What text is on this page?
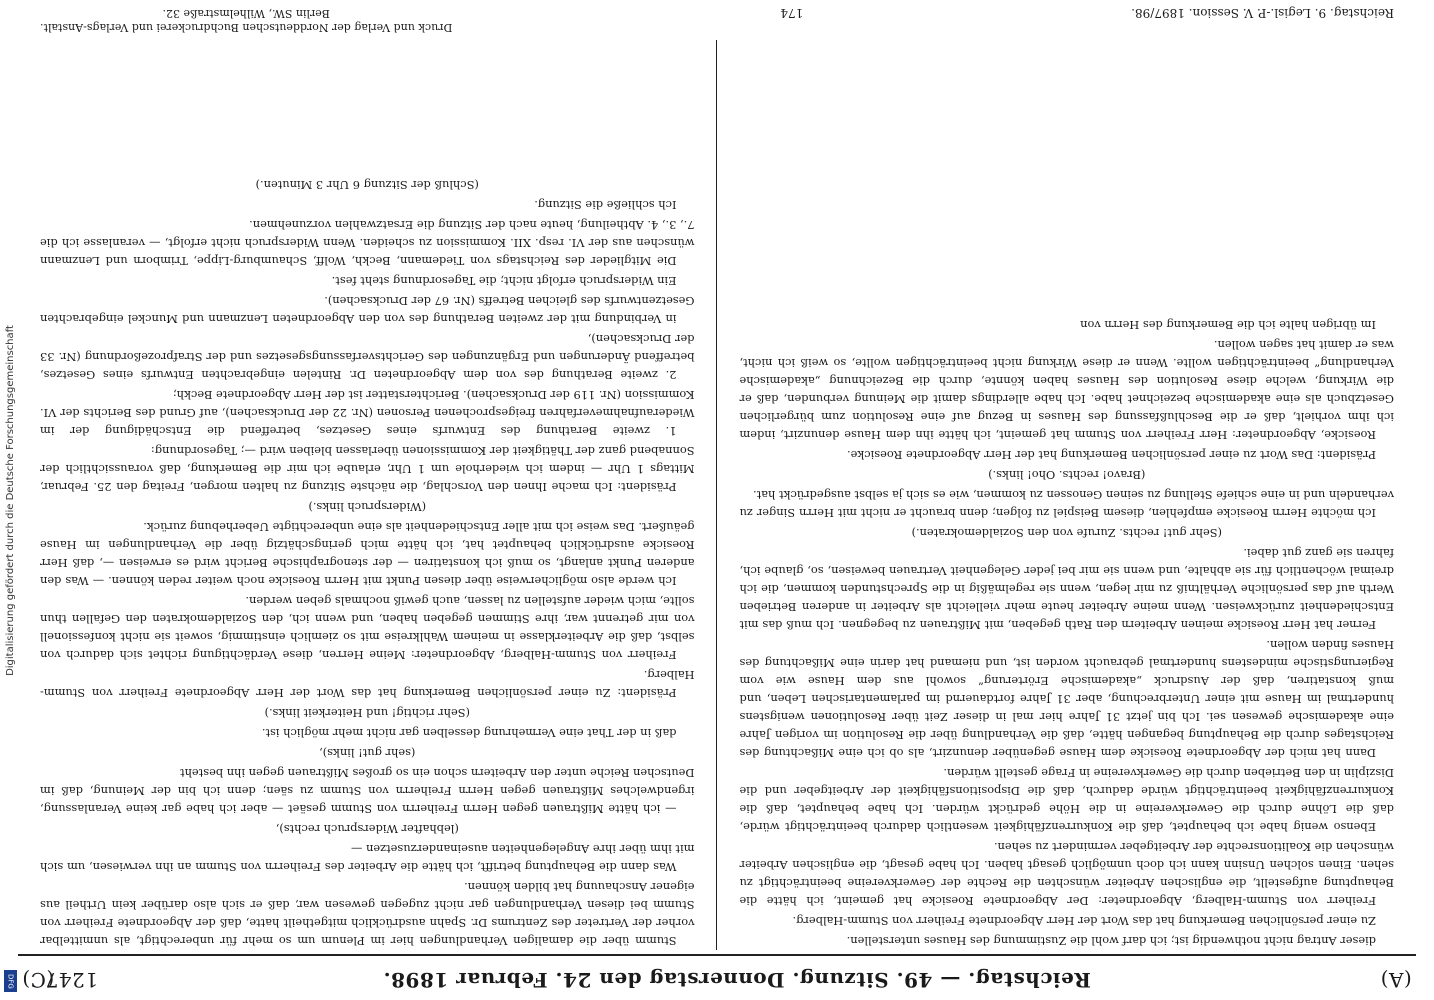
Digitalisierung gefördert durch die Deutsche Forschungsgemeinschaft
DFG	(A)
Reichstag. — 49. Sitzung. Donnerstag den 24. Februar 1898.
1247
(C)

dieser Antrag nicht nothwendig ist; ich darf wohl die Zustimmung des Hauses unterstellen.

Zu einer persönlichen Bemerkung hat das Wort der Herr Abgeordnete Freiherr von Stumm-Halberg.

Freiherr von Stumm-Halberg, Abgeordneter: Der Abgeordnete Roesicke hat gemeint, ich hätte die Behauptung aufgestellt, die englischen Arbeiter wünschten die Rechte der Gewerkvereine beeinträchtigt zu sehen. Einen solchen Unsinn kann ich doch unmöglich gesagt haben. Ich habe gesagt, die englischen Arbeiter wünschen die Koalitionsrechte der Arbeitgeber vermindert zu sehen.

Ebenso wenig habe ich behauptet, daß die Konkurrenzfähigkeit wesentlich dadurch beeinträchtigt würde, daß die Löhne durch die Gewerkvereine in die Höhe gedrückt würden. Ich habe behauptet, daß die Konkurrenzfähigkeit beeinträchtigt würde dadurch, daß die Dispositionsfähigkeit der Arbeitgeber und die Disziplin in den Betrieben durch die Gewerkvereine in Frage gestellt würden.

Dann hat mich der Abgeordnete Roesicke dem Hause gegenüber denunzirt, als ob ich eine Mißachtung des Reichstages durch die Behauptung begangen hätte, daß die Verhandlung über die Resolution im vorigen Jahre eine akademische gewesen sei. Ich bin jetzt 31 Jahre hier mal in dieser Zeit über Resolutionen wenigstens hundertmal im Hause mit einer Unterbrechung, aber 31 Jahre fortdauernd im parlamentarischen Leben, und muß konstatiren, daß der Ausdruck „akademische Erörterung“ sowohl aus dem Hause wie vom Regierungstische mindestens hundertmal gebraucht worden ist, und niemand hat darin eine Mißachtung des Hauses finden wollen.

Ferner hat Herr Roesicke meinen Arbeitern den Rath gegeben, mit Mißtrauen zu begegnen. Ich muß das mit Entschiedenheit zurückweisen. Wenn meine Arbeiter heute mehr vielleicht als Arbeiter in anderen Betrieben Werth auf das persönliche Verhältniß zu mir legen, wenn sie regelmäßig in die Sprechstunden kommen, die ich dreimal wöchentlich für sie abhalte, und wenn sie mir bei jeder Gelegenheit Vertrauen beweisen, so, glaube ich, fahren sie ganz gut dabei.

(Sehr gut! rechts. Zurufe von den Sozialdemokraten.)

Ich möchte Herrn Roesicke empfehlen, diesem Beispiel zu folgen; denn braucht er nicht mit Herrn Singer zu verhandeln und in eine schiefe Stellung zu seinen Genossen zu kommen, wie es sich ja selbst ausgedrückt hat.

(Bravo! rechts. Oho! links.)

Präsident: Das Wort zu einer persönlichen Bemerkung hat der Herr Abgeordnete Roesicke.

Roesicke, Abgeordneter: Herr Freiherr von Stumm hat gemeint, ich hätte ihn dem Hause denunzirt, indem ich ihm vorhielt, daß er die Beschlußfassung des Hauses in Bezug auf eine Resolution zum bürgerlichen Gesetzbuch als eine akademische bezeichnet habe. Ich habe allerdings damit die Meinung verbunden, daß er die Wirkung, welche diese Resolution des Hauses haben könnte, durch die Bezeichnung „akademische Verhandlung“ beeinträchtigen wollte. Wenn er diese Wirkung nicht beeinträchtigen wollte, so weiß ich nicht, was er damit hat sagen wollen.

Im übrigen halte ich die Bemerkung des Herrn von

Stumm über die damaligen Verhandlungen hier im Plenum um so mehr für unberechtigt, als unmittelbar vorher der Vertreter des Zentrums Dr. Spahn ausdrücklich mitgetheilt hatte, daß der Abgeordnete Freiherr von Stumm bei diesen Verhandlungen gar nicht zugegen gewesen war, daß er sich also darüber kein Urtheil aus eigener Anschauung hat bilden können.

Was dann die Behauptung betrifft, ich hätte die Arbeiter des Freiherrn von Stumm an ihn verwiesen, um sich mit ihm über ihre Angelegenheiten auseinanderzusetzen —

(lebhafter Widerspruch rechts),

— ich hätte Mißtrauen gegen Herrn Freiherrn von Stumm gesäet — aber ich habe gar keine Veranlassung, irgendwelches Mißtrauen gegen Herrn Freiherrn von Stumm zu säen; denn ich bin der Meinung, daß im Deutschen Reiche unter den Arbeitern schon ein so großes Mißtrauen gegen ihn besteht

(sehr gut! links),

daß in der That eine Vermehrung desselben gar nicht mehr möglich ist.

(Sehr richtig! und Heiterkeit links.)

Präsident: Zu einer persönlichen Bemerkung hat das Wort der Herr Abgeordnete Freiherr von Stumm-Halberg.

Freiherr von Stumm-Halberg, Abgeordneter: Meine Herren, diese Verdächtigung richtet sich dadurch von selbst, daß die Arbeiterklasse in meinem Wahlkreise mit so ziemlich einstimmig, soweit sie nicht konfessionell von mir getrennt war, ihre Stimmen gegeben haben, und wenn ich, den Sozialdemokraten den Gefallen thun sollte, mich wieder aufstellen zu lassen, auch gewiß nochmals geben werden.

Ich werde also möglicherweise über diesen Punkt mit Herrn Roesicke noch weiter reden können. — Was den anderen Punkt anlangt, so muß ich konstatiren — der stenographische Bericht wird es erweisen —, daß Herr Roesicke ausdrücklich behauptet hat, ich hätte mich geringschätzig über die Verhandlungen im Hause geäußert. Das weise ich mit aller Entschiedenheit als eine unberechtigte Ueberhebung zurück.

(Widerspruch links.)

Präsident: Ich mache Ihnen den Vorschlag, die nächste Sitzung zu halten morgen, Freitag den 25. Februar, Mittags 1 Uhr — indem ich wiederhole um 1 Uhr, erlaube ich mir die Bemerkung, daß voraussichtlich der Sonnabend ganz der Thätigkeit der Kommissionen überlassen bleiben wird —; Tagesordnung:

1. zweite Berathung des Entwurfs eines Gesetzes, betreffend die Entschädigung der im Wiederaufnahmeverfahren freigesprochenen Personen (Nr. 22 der Drucksachen), auf Grund des Berichts der VI. Kommission (Nr. 119 der Drucksachen). Berichterstatter ist der Herr Abgeordnete Beckh;

2. zweite Berathung des von dem Abgeordneten Dr. Rintelen eingebrachten Entwurfs eines Gesetzes, betreffend Änderungen und Ergänzungen des Gerichtsverfassungsgesetzes und der Strafprozeßordnung (Nr. 33 der Drucksachen),

in Verbindung mit der zweiten Berathung des von den Abgeordneten Lenzmann und Munckel eingebrachten Gesetzentwurfs des gleichen Betreffs (Nr. 67 der Drucksachen).

Ein Widerspruch erfolgt nicht; die Tagesordnung steht fest.

Die Mitglieder des Reichstags von Tiedemann, Beckh, Wolff, Schaumburg-Lippe, Trimborn und Lenzmann wünschen aus der VI. resp. XII. Kommission zu scheiden. Wenn Widerspruch nicht erfolgt, — veranlasse ich die 7., 3., 4. Abtheilung, heute nach der Sitzung die Ersatzwahlen vorzunehmen.

Ich schließe die Sitzung.

(Schluß der Sitzung 6 Uhr 3 Minuten.)

Reichstag. 9. Legisl.-P. V. Session. 1897/98.
174
Druck und Verlag der Norddeutschen Buchdruckerei und Verlags-Anstalt.
Berlin SW., Wilhelmstraße 32.
